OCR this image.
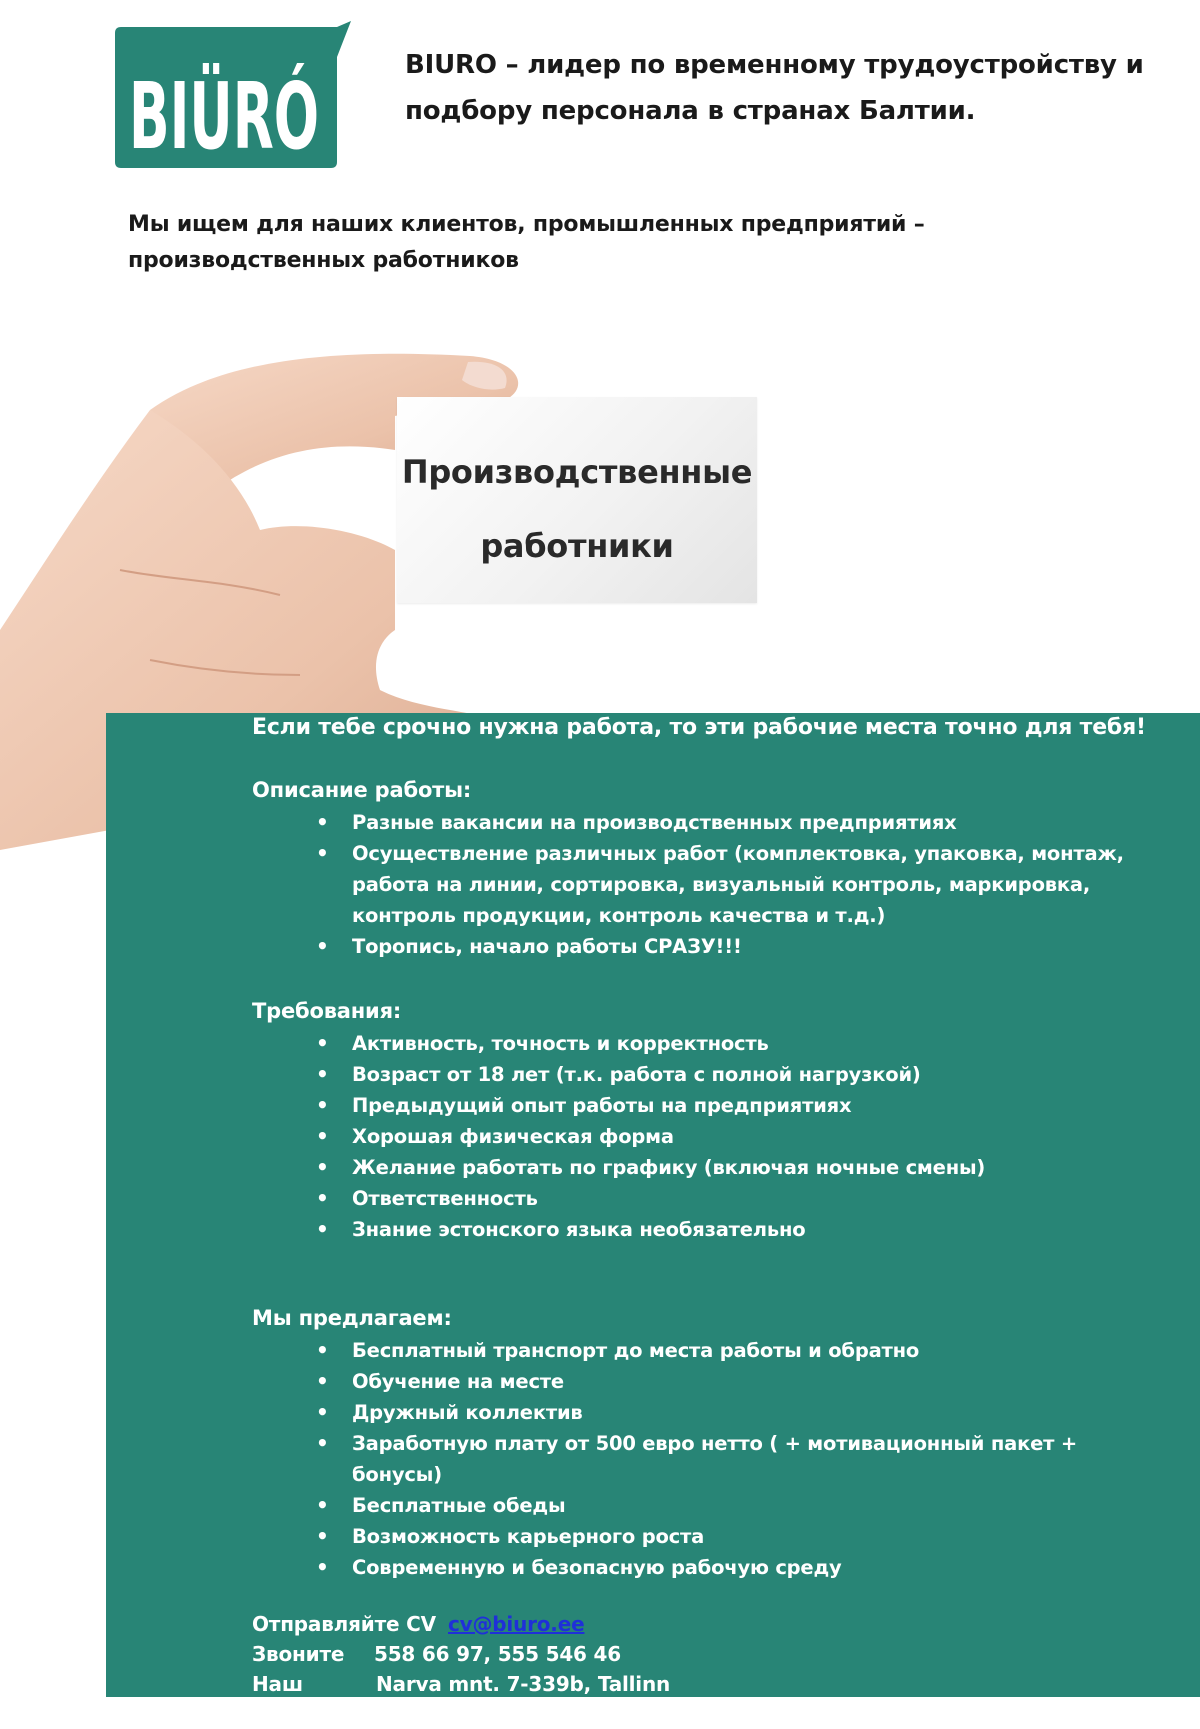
BIÜRÓ
BIURO – лидер по временному трудоустройству и
подбору персонала в странах Балтии.
Мы ищем для наших клиентов, промышленных предприятий –
производственных работников
Производственные
работники

Если тебе срочно нужна работа, то эти рабочие места точно для тебя!

Описание работы:

• Разные вакансии на производственных предприятиях
• Осуществление различных работ (комплектовка, упаковка, монтаж, работа на линии, сортировка, визуальный контроль, маркировка, контроль продукции, контроль качества и т.д.)
• Торопись, начало работы СРАЗУ!!!

Требования:

• Активность, точность и корректность
• Возраст от 18 лет (т.к. работа с полной нагрузкой)
• Предыдущий опыт работы на предприятиях
• Хорошая физическая форма
• Желание работать по графику (включая ночные смены)
• Ответственность
• Знание эстонского языка необязательно

Мы предлагаем:

• Бесплатный транспорт до места работы и обратно
• Обучение на месте
• Дружный коллектив
• Заработную плату от 500 евро нетто ( + мотивационный пакет + бонусы)
• Бесплатные обеды
• Возможность карьерного роста
• Современную и безопасную рабочую среду
Отправляйте CV cv@biuro.ee
Звоните	558 66 97, 555 546 46
Наш адрес
Narva mnt. 7-339b, Tallinn
